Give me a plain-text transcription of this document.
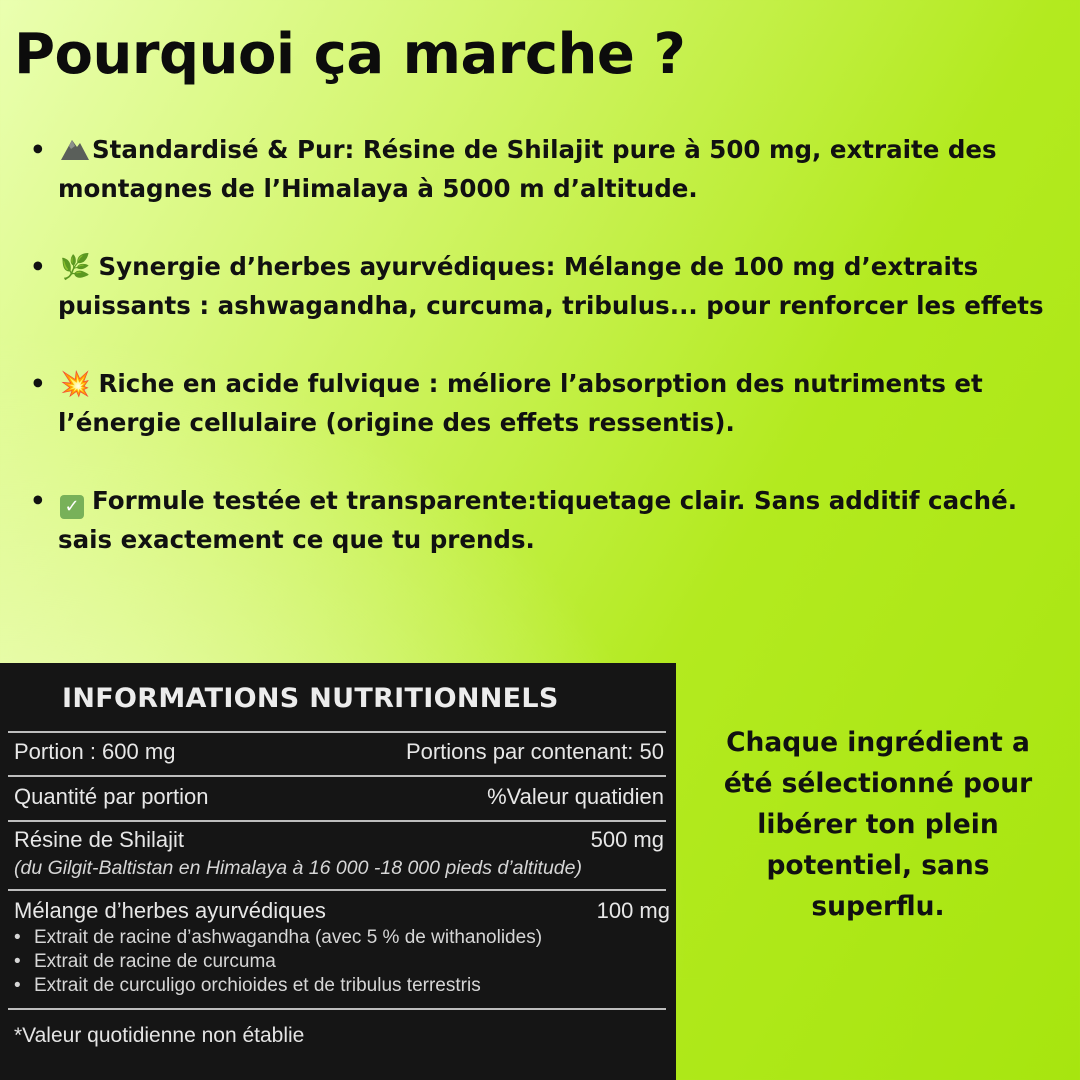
Pourquoi ça marche ?
•	Standardisé & Pur: Résine de Shilajit pure à 500 mg, extraite des
montagnes de l’Himalaya à 5000 m d’altitude.
• 🌿 Synergie d’herbes ayurvédiques: Mélange de 100 mg d’extraits
puissants : ashwagandha, curcuma, tribulus... pour renforcer les effets
• 💥 Riche en acide fulvique : méliore l’absorption des nutriments et
l’énergie cellulaire (origine des effets ressentis).
•	✓ Formule testée et transparente:tiquetage clair. Sans additif caché.
sais exactement ce que tu prends.
INFORMATIONS NUTRITIONNELS
Portion : 600 mg	Portions par contenant: 50
Quantité par portion	%Valeur quatidien
Résine de Shilajit	500 mg
(du Gilgit-Baltistan en Himalaya à 16 000 -18 000 pieds d’altitude)
Mélange d’herbes ayurvédiques	100 mg
• Extrait de racine d’ashwagandha (avec 5 % de withanolides)
• Extrait de racine de curcuma
• Extrait de curculigo orchioides et de tribulus terrestris
*Valeur quotidienne non établie
Chaque ingrédient a
été sélectionné pour
libérer ton plein
potentiel, sans
superflu.
